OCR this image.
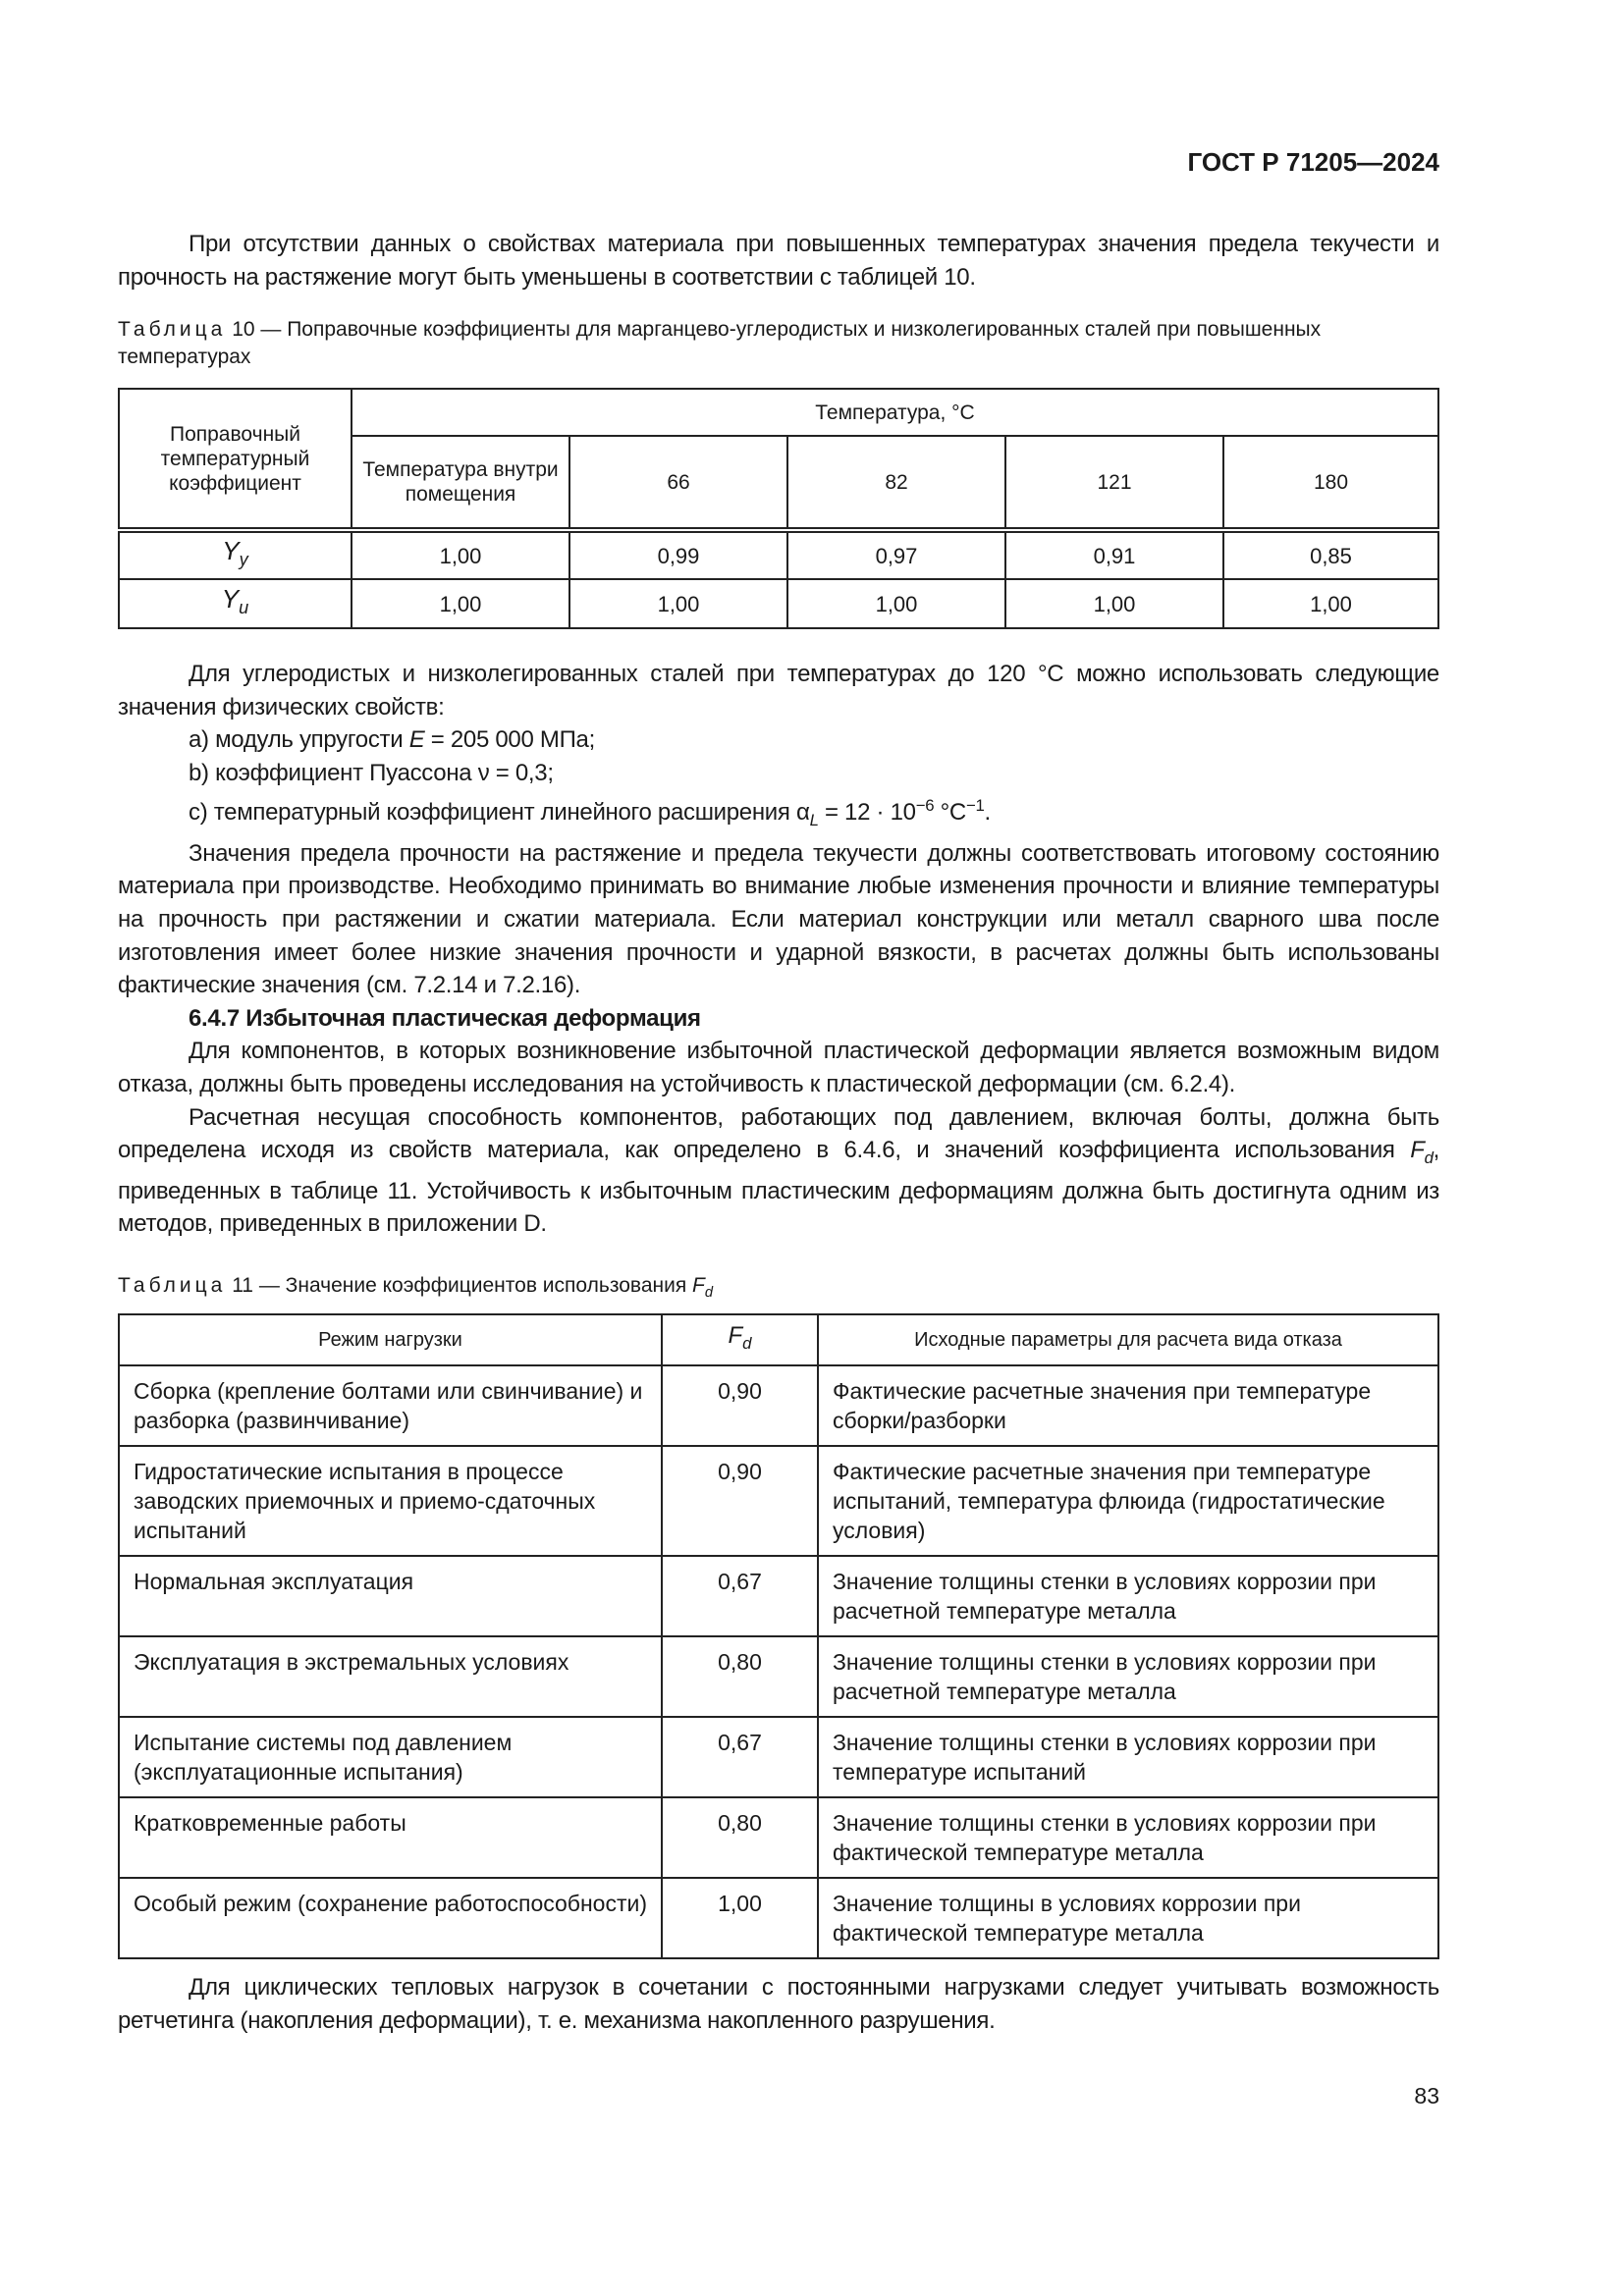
ГОСТ Р 71205—2024

При отсутствии данных о свойствах материала при повышенных температурах значения предела текучести и прочность на растяжение могут быть уменьшены в соответствии с таблицей 10.

Таблица 10 — Поправочные коэффициенты для марганцево-углеродистых и низколегированных сталей при повышенных температурах
Поправочный температурный коэффициент	Температура, °C				
	Температура внутри помещения	66	82	121	180
$Y_y$	1,00	0,99	0,97	0,91	0,85
$Y_u$	1,00	1,00	1,00	1,00	1,00

Для углеродистых и низколегированных сталей при температурах до 120 °C можно использовать следующие значения физических свойств:

a) модуль упругости E = 205 000 МПа;

b) коэффициент Пуассона ν = 0,3;

c) температурный коэффициент линейного расширения $\alpha_L = 12 \cdot 10^{-6}$ $^\circ C^{-1}$.

Значения предела прочности на растяжение и предела текучести должны соответствовать итоговому состоянию материала при производстве. Необходимо принимать во внимание любые изменения прочности и влияние температуры на прочность при растяжении и сжатии материала. Если материал конструкции или металл сварного шва после изготовления имеет более низкие значения прочности и ударной вязкости, в расчетах должны быть использованы фактические значения (см. 7.2.14 и 7.2.16).

6.4.7 Избыточная пластическая деформация

Для компонентов, в которых возникновение избыточной пластической деформации является возможным видом отказа, должны быть проведены исследования на устойчивость к пластической деформации (см. 6.2.4).

Расчетная несущая способность компонентов, работающих под давлением, включая болты, должна быть определена исходя из свойств материала, как определено в 6.4.6, и значений коэффициента использования $F_d$, приведенных в таблице 11. Устойчивость к избыточным пластическим деформациям должна быть достигнута одним из методов, приведенных в приложении D.

Таблица 11 — Значение коэффициентов использования $F_d$
Режим нагрузки	$F_d$	Исходные параметры для расчета вида отказа
Сборка (крепление болтами или свинчивание) и разборка (развинчивание)	0,90	Фактические расчетные значения при температуре сборки/разборки
Гидростатические испытания в процессе заводских приемочных и приемо-сдаточных испытаний	0,90	Фактические расчетные значения при температуре испытаний, температура флюида (гидростатические условия)
Нормальная эксплуатация	0,67	Значение толщины стенки в условиях коррозии при расчетной температуре металла
Эксплуатация в экстремальных условиях	0,80	Значение толщины стенки в условиях коррозии при расчетной температуре металла
Испытание системы под давлением (эксплуатационные испытания)	0,67	Значение толщины стенки в условиях коррозии при температуре испытаний
Кратковременные работы	0,80	Значение толщины стенки в условиях коррозии при фактической температуре металла
Особый режим (сохранение работоспособности)	1,00	Значение толщины в условиях коррозии при фактической температуре металла

Для циклических тепловых нагрузок в сочетании с постоянными нагрузками следует учитывать возможность ретчетинга (накопления деформации), т. е. механизма накопленного разрушения.

83
